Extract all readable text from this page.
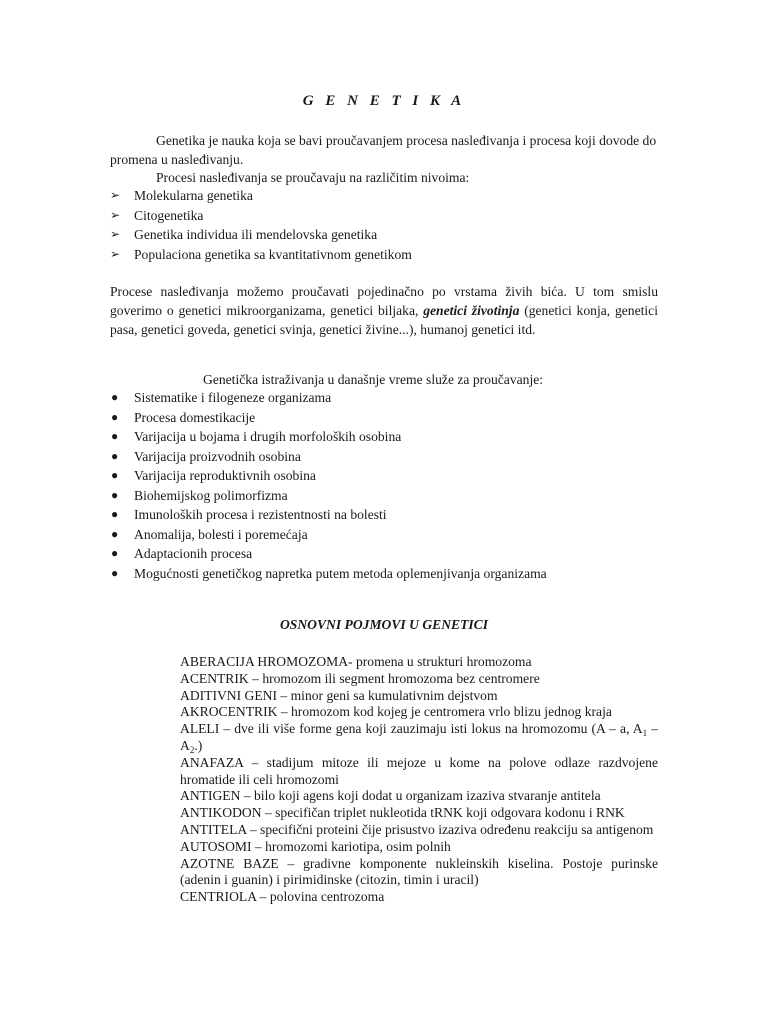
G E N E T I K A
Genetika je nauka koja se bavi proučavanjem procesa nasleđivanja i procesa koji dovode do promena u nasleđivanju.
Procesi nasleđivanja se proučavaju na različitim nivoima:
➢	Molekularna genetika
➢	Citogenetika
➢	Genetika individua ili mendelovska genetika
➢	Populaciona genetika sa kvantitativnom genetikom
Procese nasleđivanja možemo proučavati pojedinačno po vrstama živih bića. U tom smislu goverimo o genetici mikroorganizama, genetici biljaka, genetici životinja (genetici konja, genetici pasa, genetici goveda, genetici svinja, genetici živine...), humanoj genetici itd.
Genetička istraživanja u današnje vreme služe za proučavanje:
● Sistematike i filogeneze organizama
● Procesa domestikacije
● Varijacija u bojama i drugih morfoloških osobina
● Varijacija proizvodnih osobina
● Varijacija reproduktivnih osobina
● Biohemijskog polimorfizma
● Imunoloških procesa i rezistentnosti na bolesti
● Anomalija, bolesti i poremećaja
● Adaptacionih procesa
● Mogućnosti genetičkog napretka putem metoda oplemenjivanja organizama
OSNOVNI POJMOVI U GENETICI
ABERACIJA HROMOZOMA- promena u strukturi hromozoma
ACENTRIK – hromozom ili segment hromozoma bez centromere
ADITIVNI GENI – minor geni sa kumulativnim dejstvom
AKROCENTRIK – hromozom kod kojeg je centromera vrlo blizu jednog kraja
ALELI – dve ili više forme gena koji zauzimaju isti lokus na hromozomu (A – a, $A_1 - A_2$.)
ANAFAZA – stadijum mitoze ili mejoze u kome na polove odlaze razdvojene hromatide ili celi hromozomi
ANTIGEN – bilo koji agens koji dodat u organizam izaziva stvaranje antitela
ANTIKODON – specifičan triplet nukleotida tRNK koji odgovara kodonu i RNK
ANTITELA – specifični proteini čije prisustvo izaziva određenu reakciju sa antigenom
AUTOSOMI – hromozomi kariotipa, osim polnih
AZOTNE BAZE – gradivne komponente nukleinskih kiselina. Postoje purinske (adenin i guanin) i pirimidinske (citozin, timin i uracil)
CENTRIOLA – polovina centrozoma
